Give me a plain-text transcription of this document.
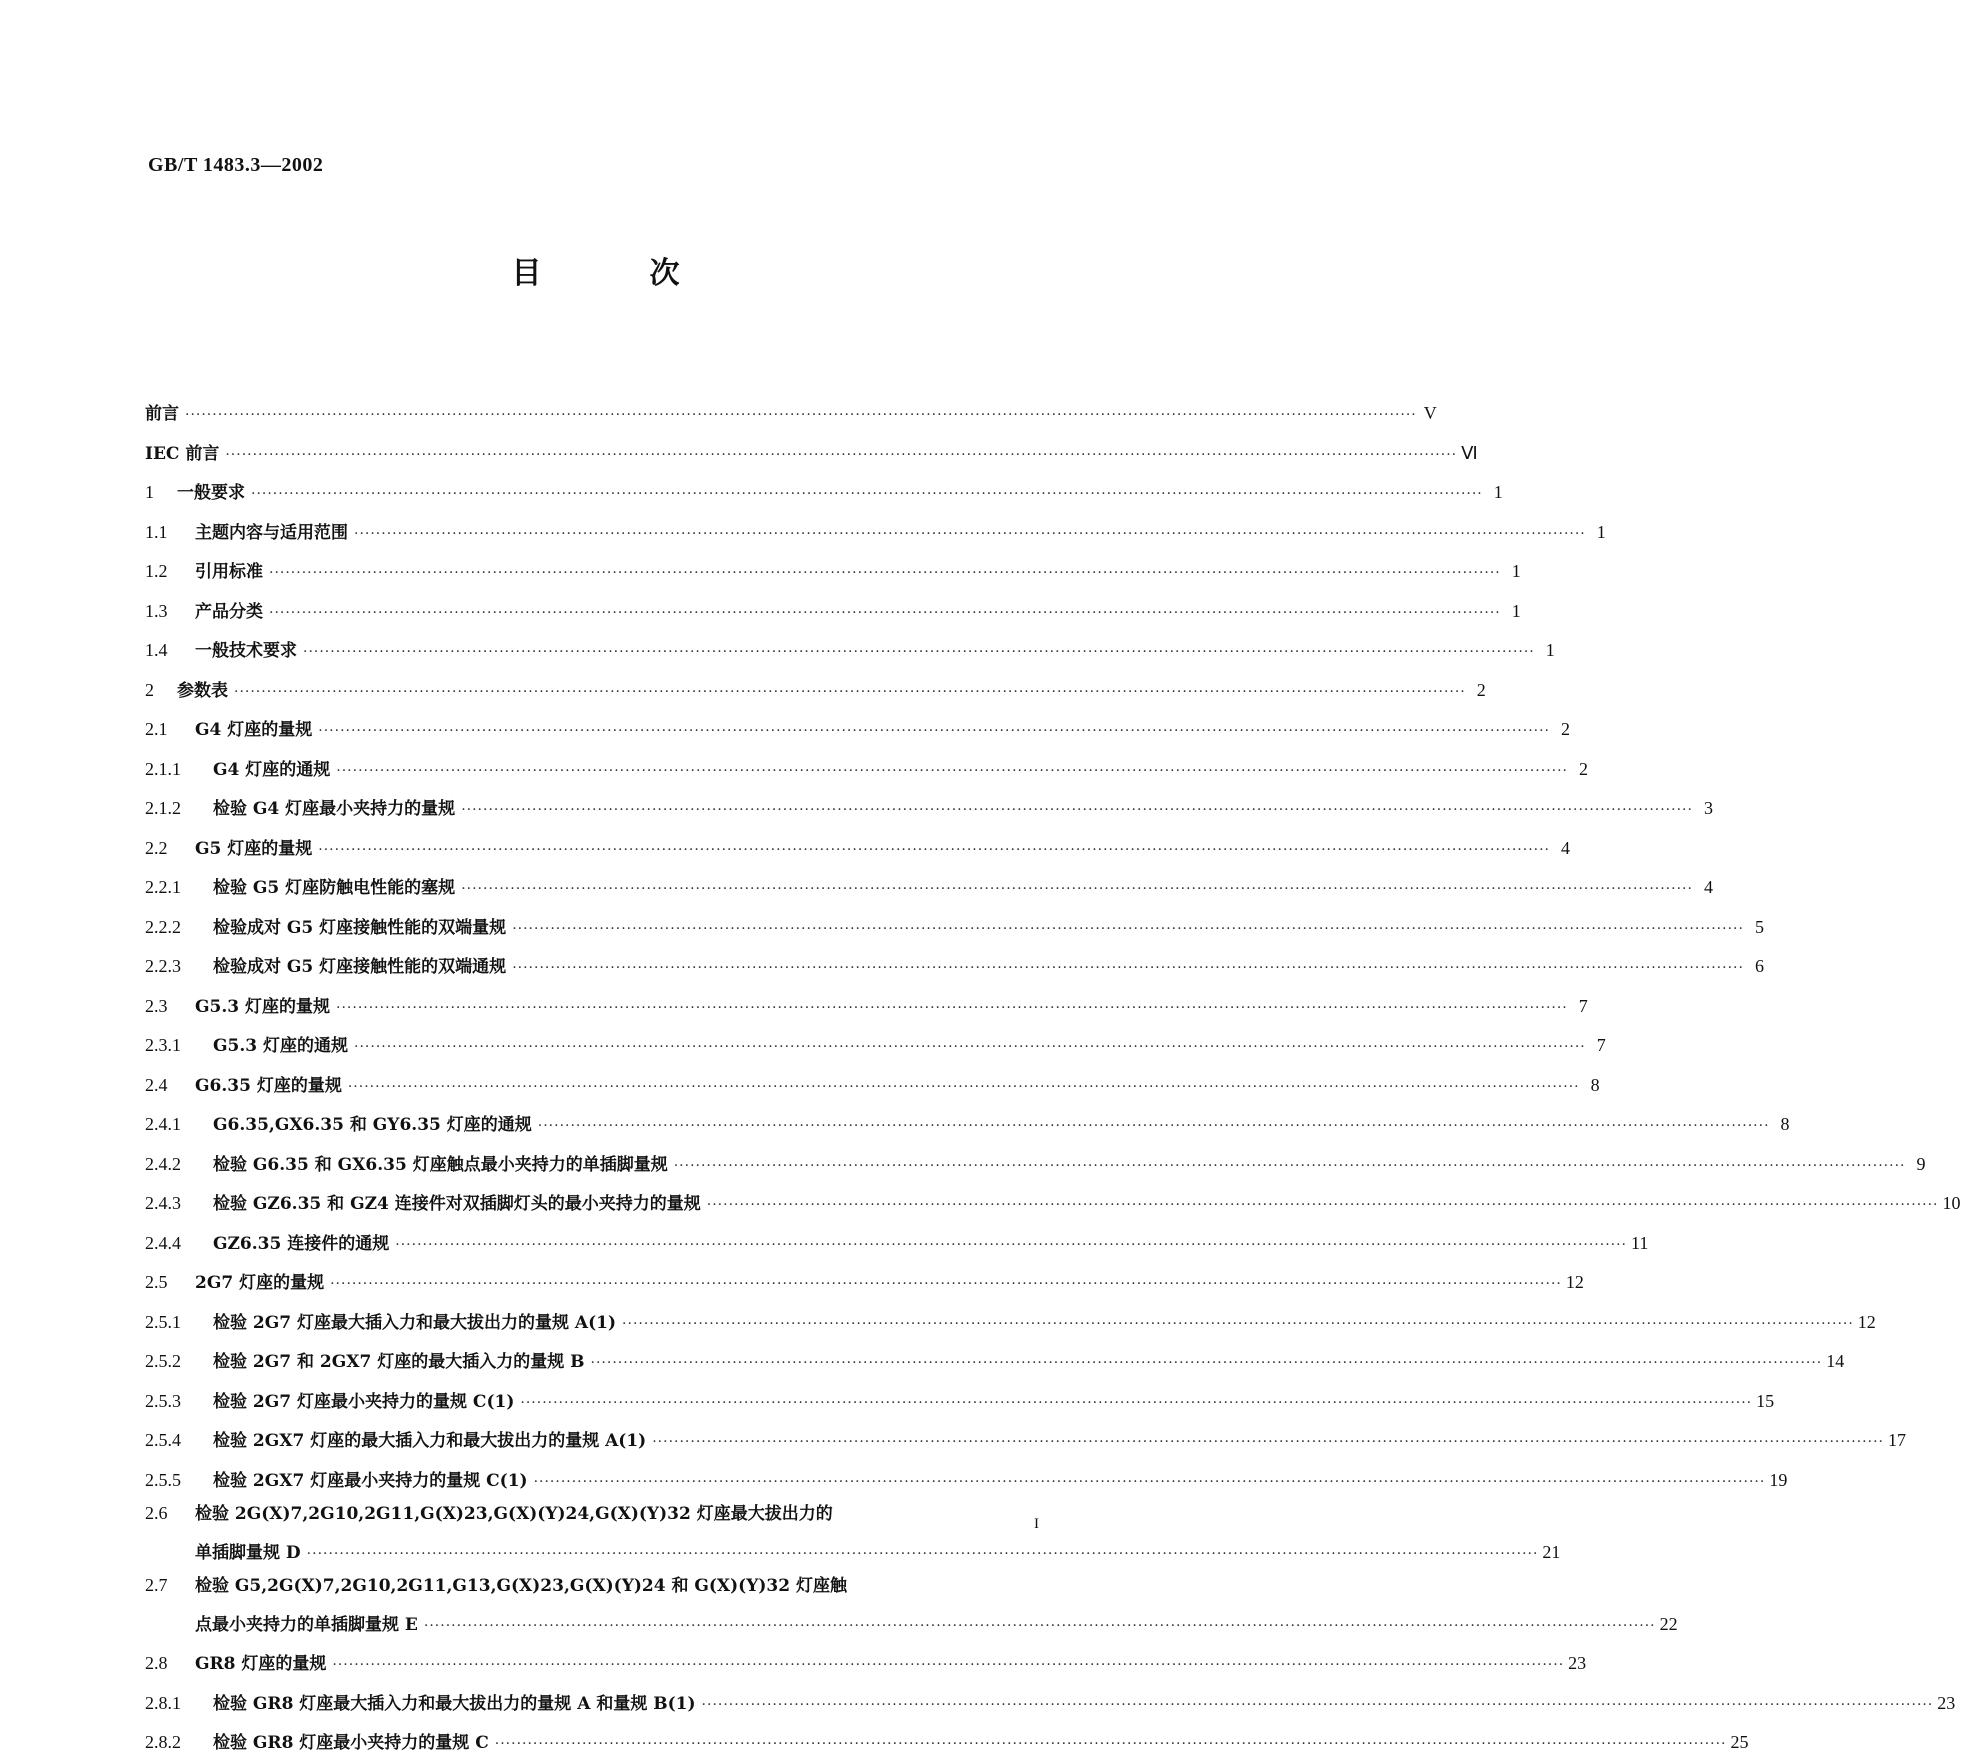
GB/T 1483.3—2002
目次
前言 ·····	V
IEC 前言 ·····	Ⅵ
1	一般要求 ·····	1
1.1	主题内容与适用范围 ·····	1
1.2	引用标准 ·····	1
1.3	产品分类 ·····	1
1.4	一般技术要求 ·····	1
2	参数表 ·····	2
2.1	G4 灯座的量规 ·····	2
2.1.1	G4 灯座的通规 ·····	2
2.1.2	检验 G4 灯座最小夹持力的量规 ·····	3
2.2	G5 灯座的量规 ·····	4
2.2.1	检验 G5 灯座防触电性能的塞规 ·····	4
2.2.2	检验成对 G5 灯座接触性能的双端量规 ·····	5
2.2.3	检验成对 G5 灯座接触性能的双端通规 ·····	6
2.3	G5.3 灯座的量规 ·····	7
2.3.1	G5.3 灯座的通规 ·····	7
2.4	G6.35 灯座的量规 ·····	8
2.4.1	G6.35,GX6.35 和 GY6.35 灯座的通规 ·····	8
2.4.2	检验 G6.35 和 GX6.35 灯座触点最小夹持力的单插脚量规 ·····	9
2.4.3	检验 GZ6.35 和 GZ4 连接件对双插脚灯头的最小夹持力的量规 ·····	10
2.4.4	GZ6.35 连接件的通规 ·····	11
2.5	2G7 灯座的量规 ·····	12
2.5.1	检验 2G7 灯座最大插入力和最大拔出力的量规 A(1) ·····	12
2.5.2	检验 2G7 和 2GX7 灯座的最大插入力的量规 B ·····	14
2.5.3	检验 2G7 灯座最小夹持力的量规 C(1) ·····	15
2.5.4	检验 2GX7 灯座的最大插入力和最大拔出力的量规 A(1) ·····	17
2.5.5	检验 2GX7 灯座最小夹持力的量规 C(1) ·····	19
2.6	检验 2G(X)7,2G10,2G11,G(X)23,G(X)(Y)24,G(X)(Y)32 灯座最大拔出力的
单插脚量规 D ·····	21
2.7	检验 G5,2G(X)7,2G10,2G11,G13,G(X)23,G(X)(Y)24 和 G(X)(Y)32 灯座触
点最小夹持力的单插脚量规 E ·····	22
2.8	GR8 灯座的量规 ·····	23
2.8.1	检验 GR8 灯座最大插入力和最大拔出力的量规 A 和量规 B(1) ·····	23
2.8.2	检验 GR8 灯座最小夹持力的量规 C ·····	25
I
